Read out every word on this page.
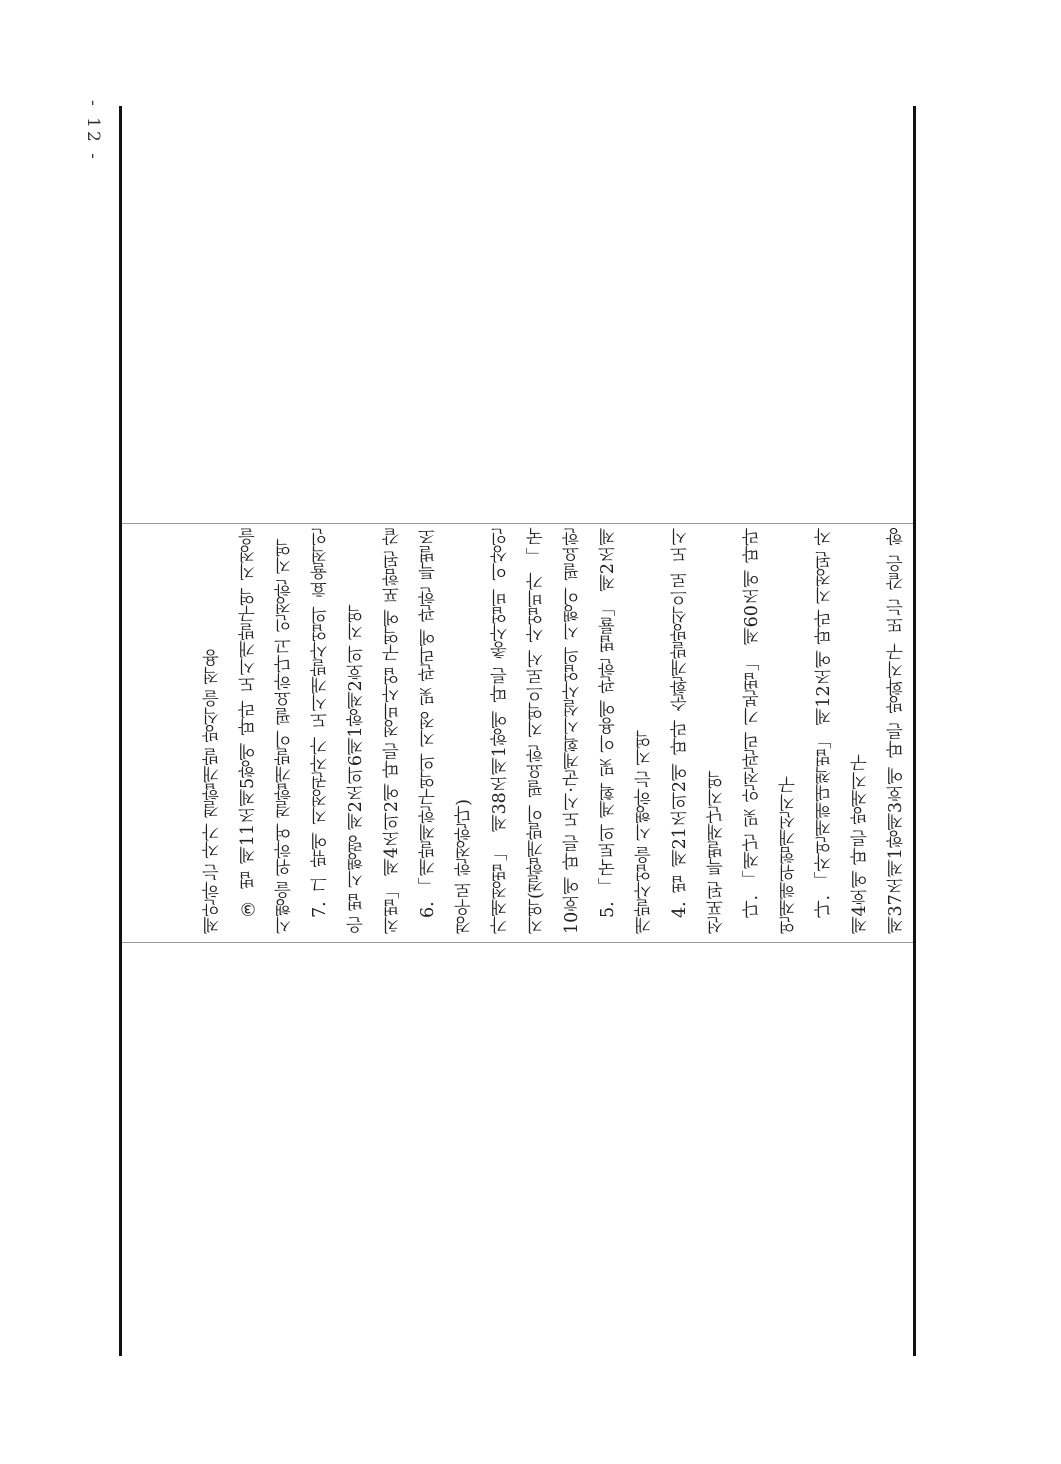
- 12 -

제37조제1항제3호에 따른 방화지구 또는 같은 항 제4호에 따른 방재지구

나. 「자연재해대책법」 제12조에 따라 지정된 자연재해위험개선지구

다. 「재난 및 안전관리 기본법」 제60조에 따라 선포된 특별재난지역

4. 법 제21조의2에 따라 순환개발방식으로 도시개발사업을 시행하는 지역

5. 「국토의 계획 및 이용에 관한 법률」 제2조제10호에 따른 도시·군계획시설사업의 시행이 필요한 지역(결합개발이 필요한 지역으로서 사업비가 「국가재정법」 제38조제1항에 따른 총사업비 이상인 경우로 한정한다)

6. 「개발제한구역의 지정 및 관리에 관한 특별조치법」 제4조의2에 따른 정비사업 구역에 포함된 같은 법 시행령 제2조의6제1항제2호의 지역

7. 그 밖에 지정권자가 도시개발사업의 효율적인 시행을 위하여 결합개발이 필요하다고 인정한 지역

③ 법 제11조제5항에 따라 도시개발구역 지정을 제안하는 자가 결합개발 방식을 적용
